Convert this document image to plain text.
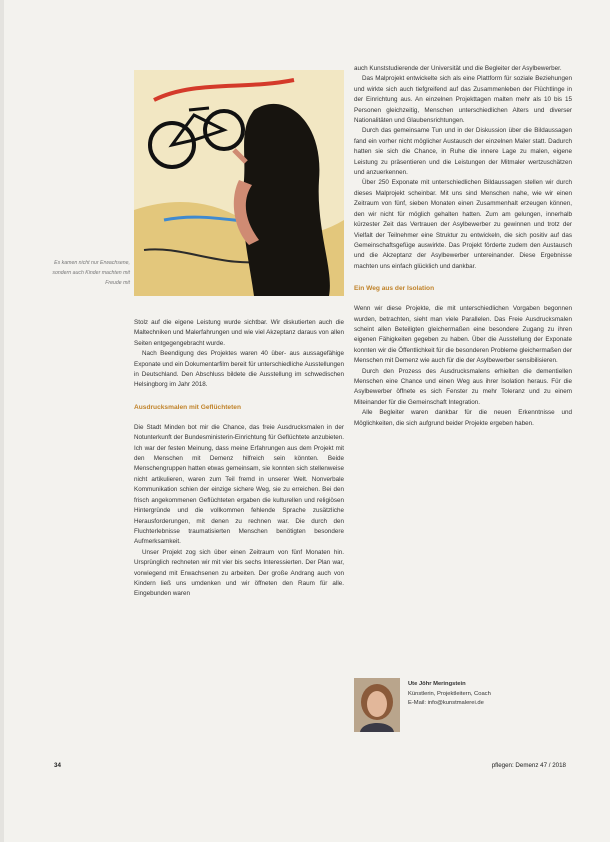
Es kamen nicht nur Erwachsene, sondern auch Kinder machten mit Freude mit

Stolz auf die eigene Leistung wurde sichtbar. Wir diskutierten auch die Maltechniken und Malerfahrungen und wie viel Akzeptanz daraus von allen Seiten entgegengebracht wurde.

Nach Beendigung des Projektes waren 40 über- aus aussagefähige Exponate und ein Dokumentarfilm bereit für unterschiedliche Ausstellungen in Deutschland. Den Abschluss bildete die Ausstellung im schwedischen Helsingborg im Jahr 2018.

Ausdrucksmalen mit Geflüchteten

Die Stadt Minden bot mir die Chance, das freie Ausdrucksmalen in der Notunterkunft der Bundesministerin-Einrichtung für Geflüchtete anzubieten. Ich war der festen Meinung, dass meine Erfahrungen aus dem Projekt mit den Menschen mit Demenz hilfreich sein könnten. Beide Menschengruppen hatten etwas gemeinsam, sie konnten sich stellenweise nicht artikulieren, waren zum Teil fremd in unserer Welt. Nonverbale Kommunikation schien der einzige sichere Weg, sie zu erreichen. Bei den frisch angekommenen Geflüchteten ergaben die kulturellen und religiösen Hintergründe und die vollkommen fehlende Sprache zusätzliche Herausforderungen, mit denen zu rechnen war. Die durch den Fluchterlebnisse traumatisierten Menschen benötigten besondere Aufmerksamkeit.

Unser Projekt zog sich über einen Zeitraum von fünf Monaten hin. Ursprünglich rechneten wir mit vier bis sechs Interessierten. Der Plan war, vorwiegend mit Erwachsenen zu arbeiten. Der große Andrang auch von Kindern ließ uns umdenken und wir öffneten den Raum für alle. Eingebunden waren

auch Kunststudierende der Universität und die Begleiter der Asylbewerber.

Das Malprojekt entwickelte sich als eine Plattform für soziale Beziehungen und wirkte sich auch tiefgreifend auf das Zusammenleben der Flüchtlinge in der Einrichtung aus. An einzelnen Projekttagen malten mehr als 10 bis 15 Personen gleichzeitig, Menschen unterschiedlichen Alters und diverser Nationalitäten und Glaubensrichtungen.

Durch das gemeinsame Tun und in der Diskussion über die Bildaussagen fand ein vorher nicht möglicher Austausch der einzelnen Maler statt. Dadurch hatten sie sich die Chance, in Ruhe die innere Lage zu malen, eigene Leistung zu präsentieren und die Leistungen der Mitmaler wertzuschätzen und anzuerkennen.

Über 250 Exponate mit unterschiedlichen Bildaussagen stellen wir durch dieses Malprojekt scheinbar. Mit uns sind Menschen nahe, wie wir einen Zeitraum von fünf, sieben Monaten einen Zusammenhalt erzeugen können, den wir nicht für möglich gehalten hatten. Zum am gelungen, innerhalb kürzester Zeit das Vertrauen der Asylbewerber zu gewinnen und trotz der Vielfalt der Teilnehmer eine Struktur zu entwickeln, die sich positiv auf das Gemeinschaftsgefüge auswirkte. Das Projekt förderte zudem den Austausch und die Akzeptanz der Asylbewerber untereinander. Diese Ergebnisse machten uns einfach glücklich und dankbar.

Ein Weg aus der Isolation

Wenn wir diese Projekte, die mit unterschiedlichen Vorgaben begonnen wurden, betrachten, sieht man viele Parallelen. Das Freie Ausdrucksmalen scheint allen Beteiligten gleichermaßen eine besondere Zugang zu ihren eigenen Fähigkeiten gegeben zu haben. Über die Ausstellung der Exponate konnten wir die Öffentlichkeit für die besonderen Probleme gleichermaßen der Menschen mit Demenz wie auch für die der Asylbewerber sensibilisieren.

Durch den Prozess des Ausdrucksmalens erhielten die dementiellen Menschen eine Chance und einen Weg aus ihrer Isolation heraus. Für die Asylbewerber öffnete es sich Fenster zu mehr Toleranz und zu einem Miteinander für die Gemeinschaft Integration.

Alle Begleiter waren dankbar für die neuen Erkenntnisse und Möglichkeiten, die sich aufgrund beider Projekte ergeben haben.

Ute Jöhr Meringstein
Künstlerin, Projektleitern, Coach
E-Mail: info@kunstmalerei.de
34	pflegen: Demenz 47 / 2018
